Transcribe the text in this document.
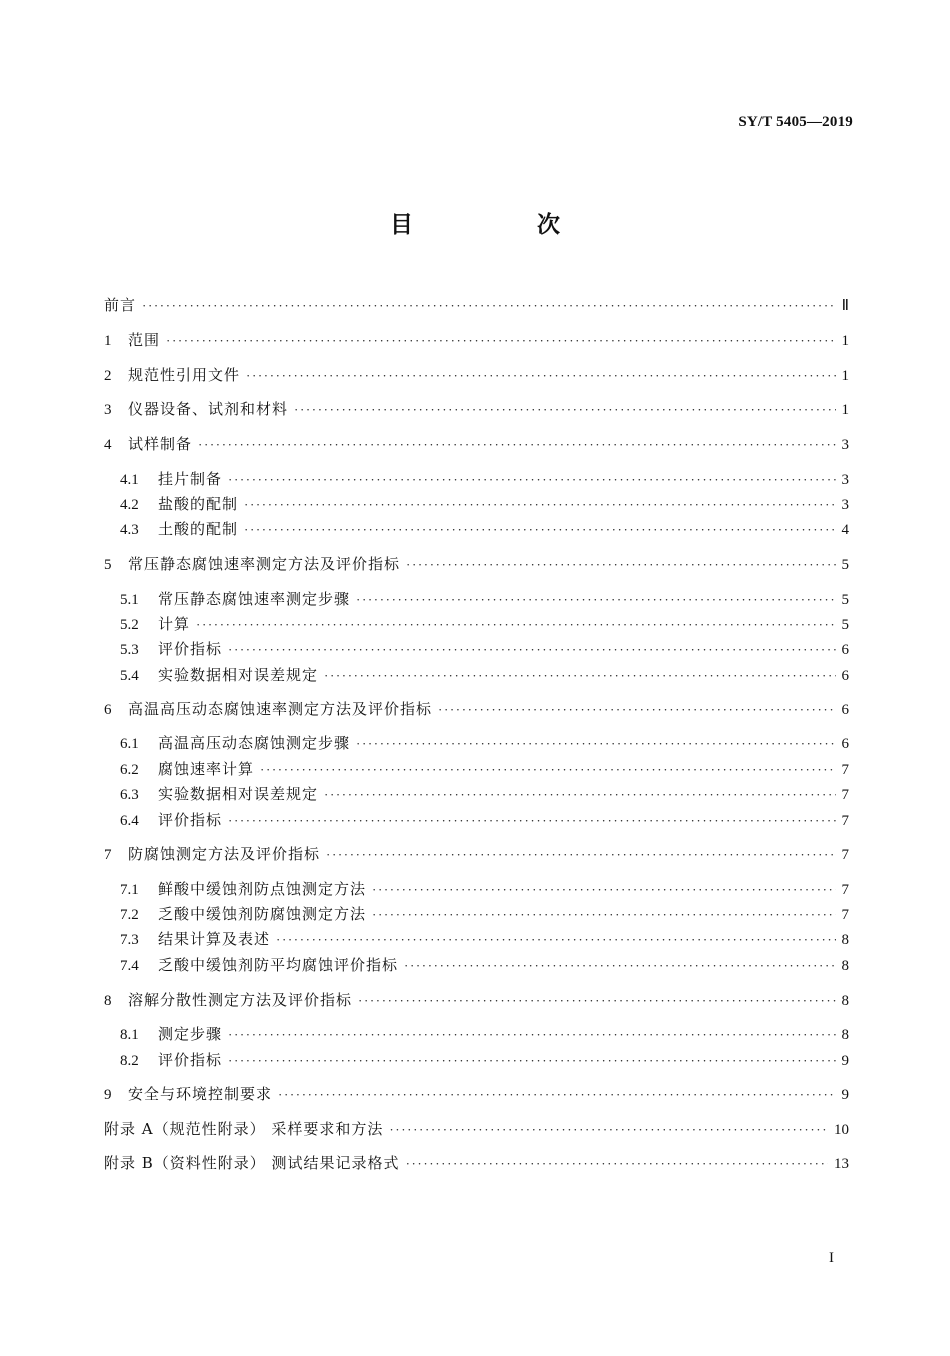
SY/T 5405—2019
目 次
前言 ·····	Ⅱ
1	范围 ·····	1
2	规范性引用文件 ·····	1
3	仪器设备、试剂和材料 ·····	1
4	试样制备 ·····	3
4.1	挂片制备 ·····	3
4.2	盐酸的配制 ·····	3
4.3	土酸的配制 ·····	4
5	常压静态腐蚀速率测定方法及评价指标 ·····	5
5.1	常压静态腐蚀速率测定步骤 ·····	5
5.2	计算 ·····	5
5.3	评价指标 ·····	6
5.4	实验数据相对误差规定 ·····	6
6	高温高压动态腐蚀速率测定方法及评价指标 ·····	6
6.1	高温高压动态腐蚀测定步骤 ·····	6
6.2	腐蚀速率计算 ·····	7
6.3	实验数据相对误差规定 ·····	7
6.4	评价指标 ·····	7
7	防腐蚀测定方法及评价指标 ·····	7
7.1	鲜酸中缓蚀剂防点蚀测定方法 ·····	7
7.2	乏酸中缓蚀剂防腐蚀测定方法 ·····	7
7.3	结果计算及表述 ·····	8
7.4	乏酸中缓蚀剂防平均腐蚀评价指标 ·····	8
8	溶解分散性测定方法及评价指标 ·····	8
8.1	测定步骤 ·····	8
8.2	评价指标 ·····	9
9	安全与环境控制要求 ·····	9
附录 A（规范性附录） 采样要求和方法 ·····	10
附录 B（资料性附录） 测试结果记录格式 ·····	13
I
